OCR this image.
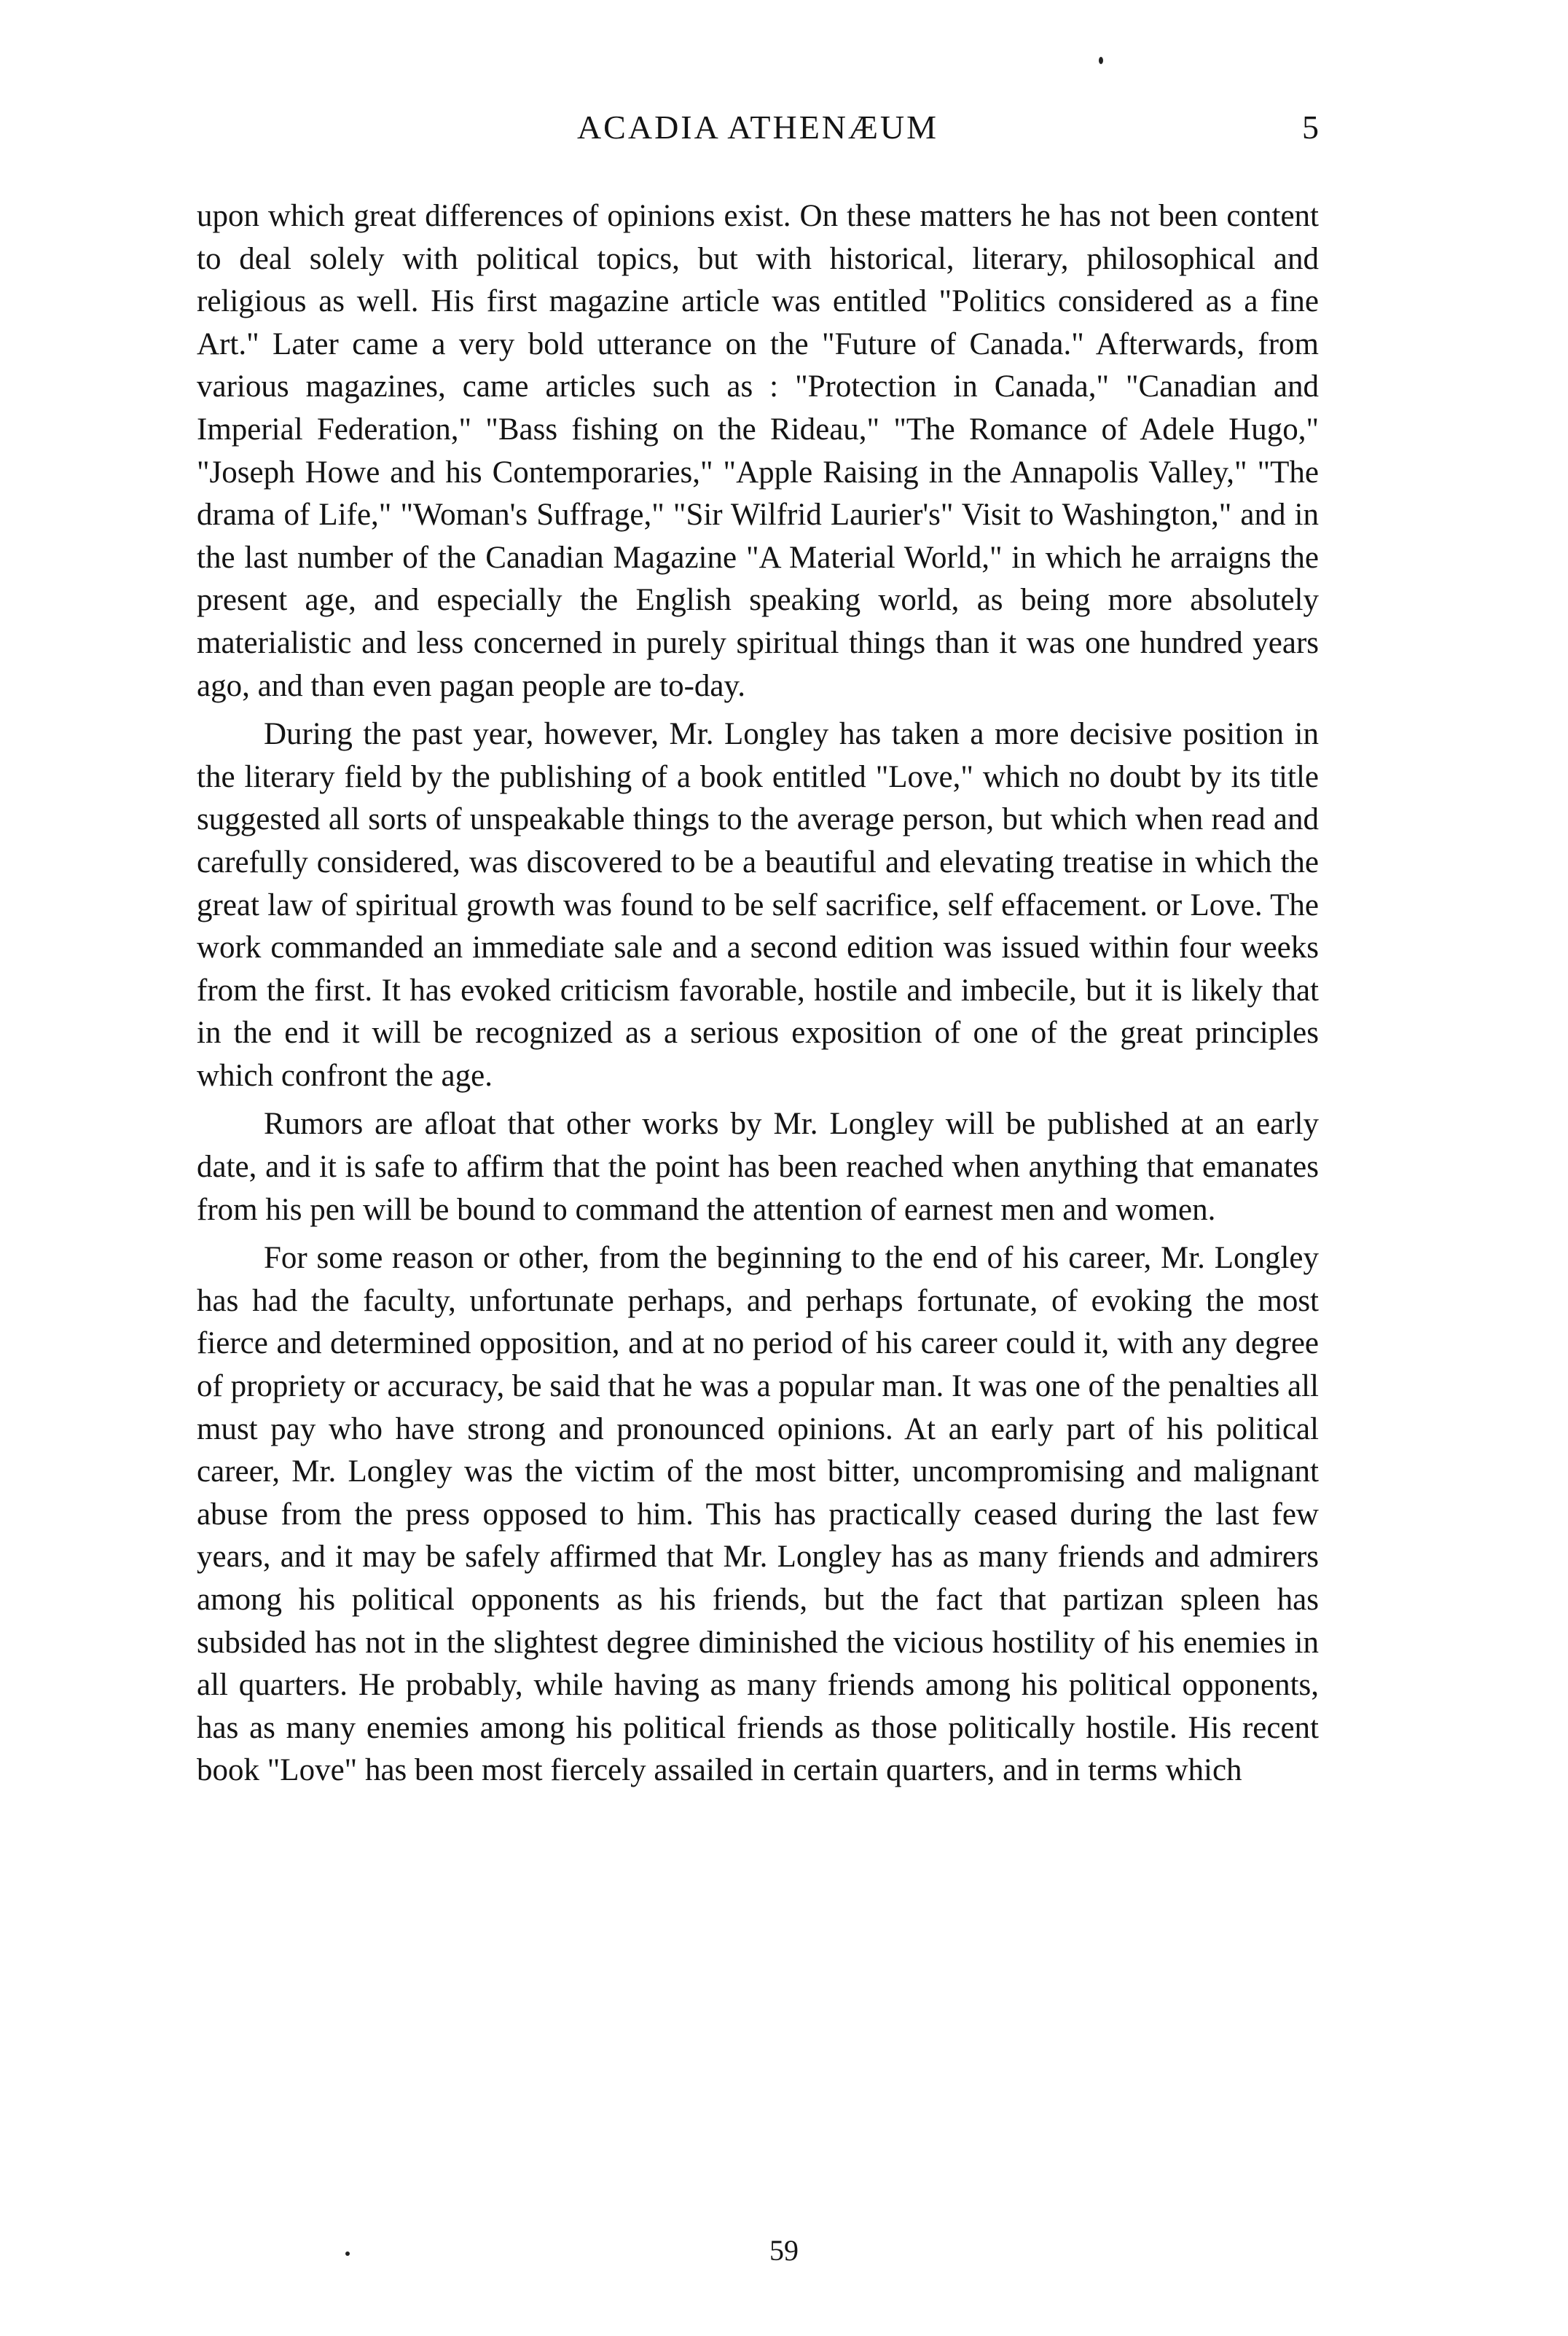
ACADIA ATHENÆUM	5

upon which great differences of opinions exist. On these matters he has not been content to deal solely with political topics, but with historical, literary, philosophical and religious as well. His first magazine article was entitled "Politics considered as a fine Art." Later came a very bold utterance on the "Future of Canada." Afterwards, from various magazines, came articles such as : "Protection in Canada," "Canadian and Imperial Federation," "Bass fishing on the Rideau," "The Romance of Adele Hugo," "Joseph Howe and his Contemporaries," "Apple Raising in the Annapolis Valley," "The drama of Life," "Woman's Suffrage," "Sir Wilfrid Laurier's" Visit to Washington," and in the last number of the Canadian Magazine "A Material World," in which he arraigns the present age, and especially the English speaking world, as being more absolutely materialistic and less concerned in purely spiritual things than it was one hundred years ago, and than even pagan people are to-day.

During the past year, however, Mr. Longley has taken a more decisive position in the literary field by the publishing of a book entitled "Love," which no doubt by its title suggested all sorts of unspeakable things to the average person, but which when read and carefully considered, was discovered to be a beautiful and elevating treatise in which the great law of spiritual growth was found to be self sacrifice, self effacement. or Love. The work commanded an immediate sale and a second edition was issued within four weeks from the first. It has evoked criticism favorable, hostile and imbecile, but it is likely that in the end it will be recognized as a serious exposition of one of the great principles which confront the age.

Rumors are afloat that other works by Mr. Longley will be published at an early date, and it is safe to affirm that the point has been reached when anything that emanates from his pen will be bound to command the attention of earnest men and women.

For some reason or other, from the beginning to the end of his career, Mr. Longley has had the faculty, unfortunate perhaps, and perhaps fortunate, of evoking the most fierce and determined opposition, and at no period of his career could it, with any degree of propriety or accuracy, be said that he was a popular man. It was one of the penalties all must pay who have strong and pronounced opinions. At an early part of his political career, Mr. Longley was the victim of the most bitter, uncompromising and malignant abuse from the press opposed to him. This has practically ceased during the last few years, and it may be safely affirmed that Mr. Longley has as many friends and admirers among his political opponents as his friends, but the fact that partizan spleen has subsided has not in the slightest degree diminished the vicious hostility of his enemies in all quarters. He probably, while having as many friends among his political opponents, has as many enemies among his political friends as those politically hostile. His recent book "Love" has been most fiercely assailed in certain quarters, and in terms which

59
